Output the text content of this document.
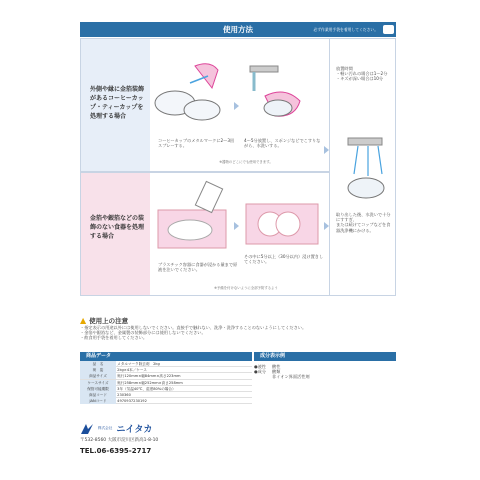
使用方法	必ず作業用手袋を着用してください。
外側や縁に金箔装飾があるコーヒーカップ・ティーカップを処理する場合
コーヒーカップのメタルマークに2～3回スプレーする。
4～5分放置し、スポンジなどでこすりながら、水洗いする。
※器物のどこにでも使用できます。
金箔や銀箔などの装飾のない食器を処理する場合
プラスチック容器に食器が浸かる量まで原液を注いでください。
その中に5分以上（30分以内）浸け置きしてください。
※予備を付けないように全部予防するよう
放置時間
・軽い汚れの場合は1～2分
・キズが深い場合は10分
取り出した後、水洗いで十分にすすぎ、
または続けてコップなどを食器洗浄機にかける。
▲ 使用上の注意
・指定表示の用途以外には使用しないでください。直接手で触れない、洗浄・洗浄することのないようにしてください。
・金箔や銀箔など、金属製の装飾部分には使用しないでください。
・飲食用手袋を着用してください。
商品データ
品　名	メタルマーク除去剤　2kg
荷　姿	2kg×4本／ケース
商品サイズ	奥行120mm×幅84mm×高さ223mm
ケースサイズ 奥行258mm×幅252mm×高さ258mm
保管可能期限 3年（気温40℃、湿度80%の場合）
商品コード	230360
JANコード	4970937230192
成分表示例
●液性 酸性
●成分 酸類
非イオン界面活性剤
株式会社 ニイタカ
〒532-8560 大阪市淀川区新高1-8-10
TEL.06-6395-2717
